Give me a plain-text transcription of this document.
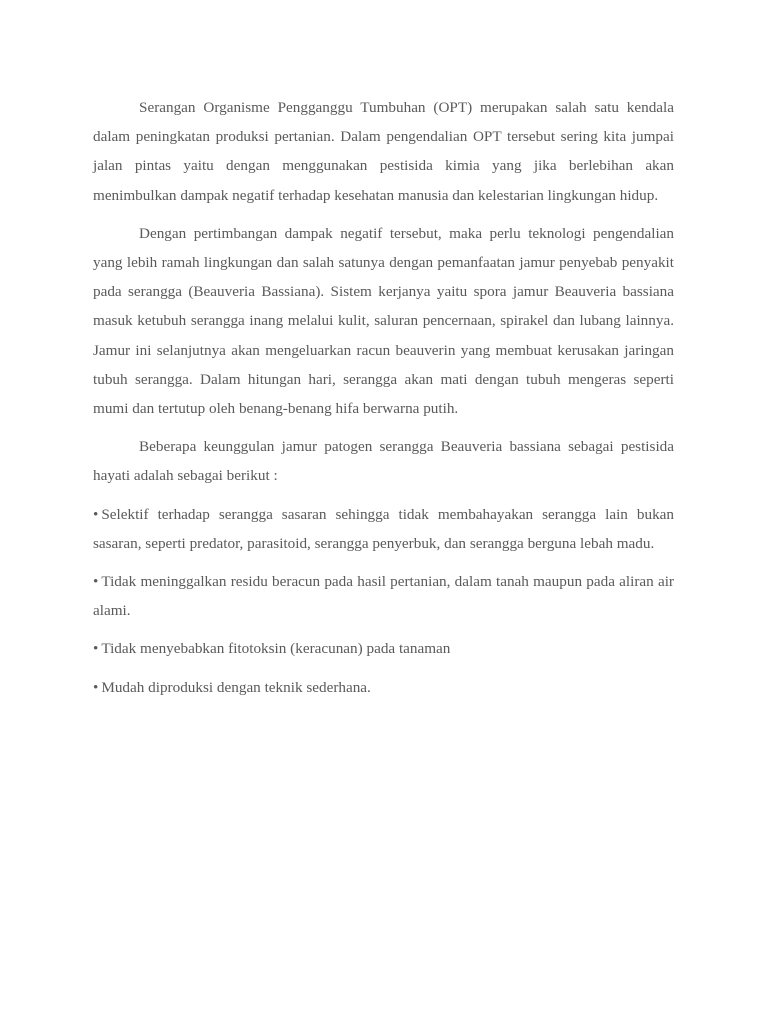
Serangan Organisme Pengganggu Tumbuhan (OPT) merupakan salah satu kendala dalam peningkatan produksi pertanian. Dalam pengendalian OPT tersebut sering kita jumpai jalan pintas yaitu dengan menggunakan pestisida kimia yang jika berlebihan akan menimbulkan dampak negatif terhadap kesehatan manusia dan kelestarian lingkungan hidup.

Dengan pertimbangan dampak negatif tersebut, maka perlu teknologi pengendalian yang lebih ramah lingkungan dan salah satunya dengan pemanfaatan jamur penyebab penyakit pada serangga (Beauveria Bassiana). Sistem kerjanya yaitu spora jamur Beauveria bassiana masuk ketubuh serangga inang melalui kulit, saluran pencernaan, spirakel dan lubang lainnya. Jamur ini selanjutnya akan mengeluarkan racun beauverin yang membuat kerusakan jaringan tubuh serangga. Dalam hitungan hari, serangga akan mati dengan tubuh mengeras seperti mumi dan tertutup oleh benang-benang hifa berwarna putih.

Beberapa keunggulan jamur patogen serangga Beauveria bassiana sebagai pestisida hayati adalah sebagai berikut :

• Selektif terhadap serangga sasaran sehingga tidak membahayakan serangga lain bukan sasaran, seperti predator, parasitoid, serangga penyerbuk, dan serangga berguna lebah madu.

• Tidak meninggalkan residu beracun pada hasil pertanian, dalam tanah maupun pada aliran air alami.

• Tidak menyebabkan fitotoksin (keracunan) pada tanaman

• Mudah diproduksi dengan teknik sederhana.
